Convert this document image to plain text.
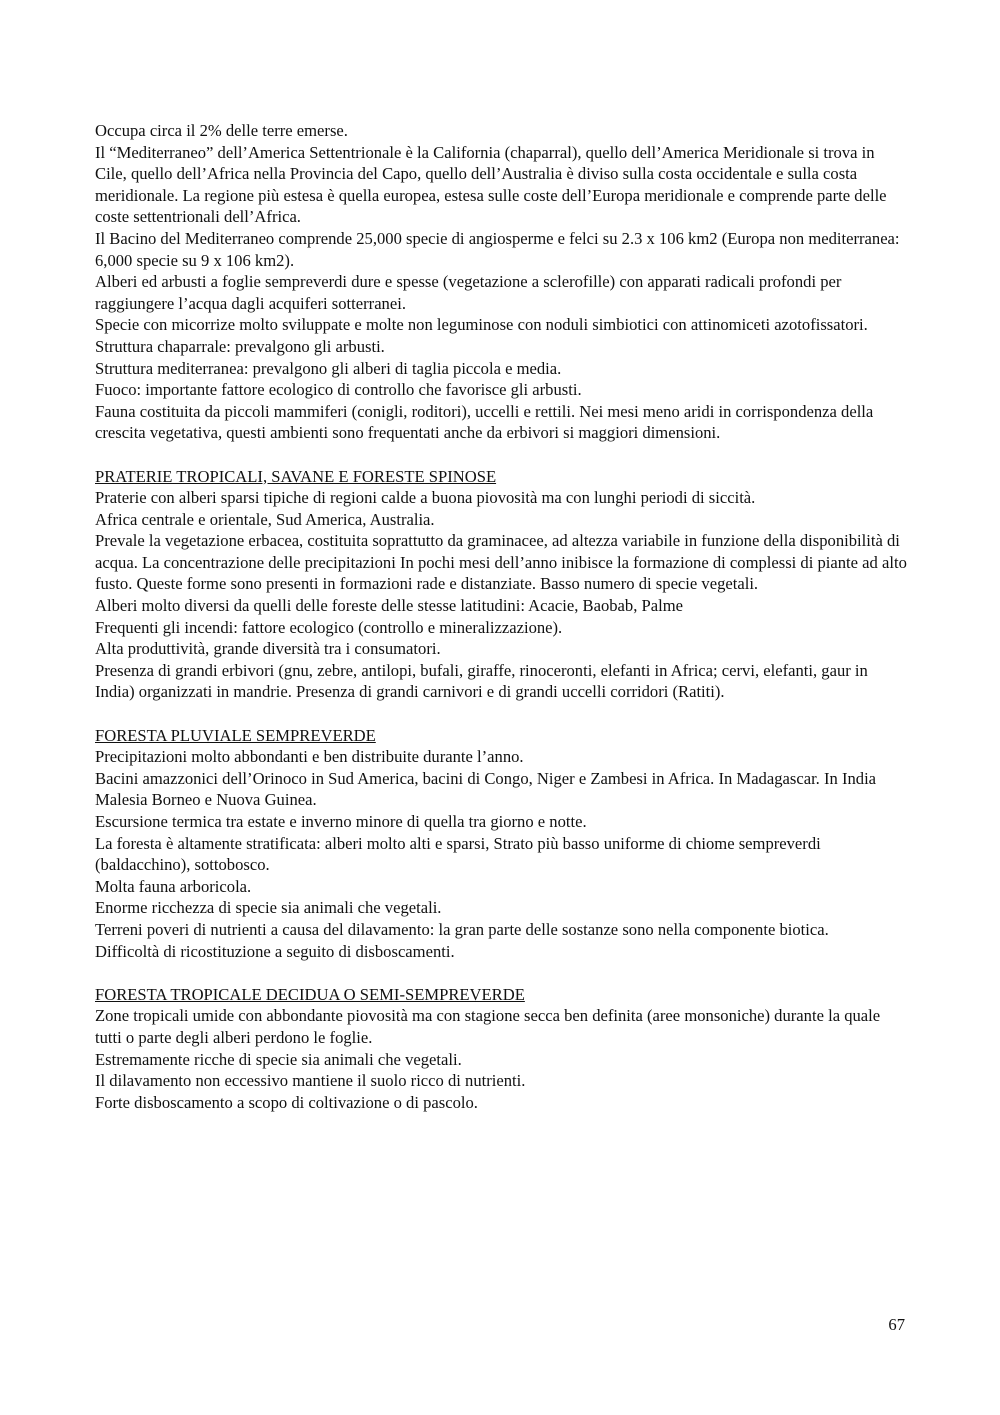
Occupa circa il 2% delle terre emerse.

Il “Mediterraneo” dell’America Settentrionale è la California (chaparral), quello dell’America Meridionale si trova in Cile, quello dell’Africa nella Provincia del Capo, quello dell’Australia è diviso sulla costa occidentale e sulla costa meridionale. La regione più estesa è quella europea, estesa sulle coste dell’Europa meridionale e comprende parte delle coste settentrionali dell’Africa.

Il Bacino del Mediterraneo comprende 25,000 specie di angiosperme e felci su 2.3 x 106 km2 (Europa non mediterranea: 6,000 specie su 9 x 106 km2).

Alberi ed arbusti a foglie sempreverdi dure e spesse (vegetazione a sclerofille) con apparati radicali profondi per raggiungere l’acqua dagli acquiferi sotterranei.

Specie con micorrize molto sviluppate e molte non leguminose con noduli simbiotici con attinomiceti azotofissatori.

Struttura chaparrale: prevalgono gli arbusti.

Struttura mediterranea: prevalgono gli alberi di taglia piccola e media.

Fuoco: importante fattore ecologico di controllo che favorisce gli arbusti.

Fauna costituita da piccoli mammiferi (conigli, roditori), uccelli e rettili. Nei mesi meno aridi in corrispondenza della crescita vegetativa, questi ambienti sono frequentati anche da erbivori si maggiori dimensioni.

PRATERIE TROPICALI, SAVANE E FORESTE SPINOSE

Praterie con alberi sparsi tipiche di regioni calde a buona piovosità ma con lunghi periodi di siccità.

Africa centrale e orientale, Sud America, Australia.

Prevale la vegetazione erbacea, costituita soprattutto da graminacee, ad altezza variabile in funzione della disponibilità di acqua. La concentrazione delle precipitazioni In pochi mesi dell’anno inibisce la formazione di complessi di piante ad alto fusto. Queste forme sono presenti in formazioni rade e distanziate. Basso numero di specie vegetali.

Alberi molto diversi da quelli delle foreste delle stesse latitudini: Acacie, Baobab, Palme

Frequenti gli incendi: fattore ecologico (controllo e mineralizzazione).

Alta produttività, grande diversità tra i consumatori.

Presenza di grandi erbivori (gnu, zebre, antilopi, bufali, giraffe, rinoceronti, elefanti in Africa; cervi, elefanti, gaur in India) organizzati in mandrie. Presenza di grandi carnivori e di grandi uccelli corridori (Ratiti).

FORESTA PLUVIALE SEMPREVERDE

Precipitazioni molto abbondanti e ben distribuite durante l’anno.

Bacini amazzonici dell’Orinoco in Sud America, bacini di Congo, Niger e Zambesi in Africa. In Madagascar. In India Malesia Borneo e Nuova Guinea.

Escursione termica tra estate e inverno minore di quella tra giorno e notte.

La foresta è altamente stratificata: alberi molto alti e sparsi, Strato più basso uniforme di chiome sempreverdi (baldacchino), sottobosco.

Molta fauna arboricola.

Enorme ricchezza di specie sia animali che vegetali.

Terreni poveri di nutrienti a causa del dilavamento: la gran parte delle sostanze sono nella componente biotica.

Difficoltà di ricostituzione a seguito di disboscamenti.

FORESTA TROPICALE DECIDUA O SEMI-SEMPREVERDE

Zone tropicali umide con abbondante piovosità ma con stagione secca ben definita (aree monsoniche) durante la quale tutti o parte degli alberi perdono le foglie.

Estremamente ricche di specie sia animali che vegetali.

Il dilavamento non eccessivo mantiene il suolo ricco di nutrienti.

Forte disboscamento a scopo di coltivazione o di pascolo.

67
